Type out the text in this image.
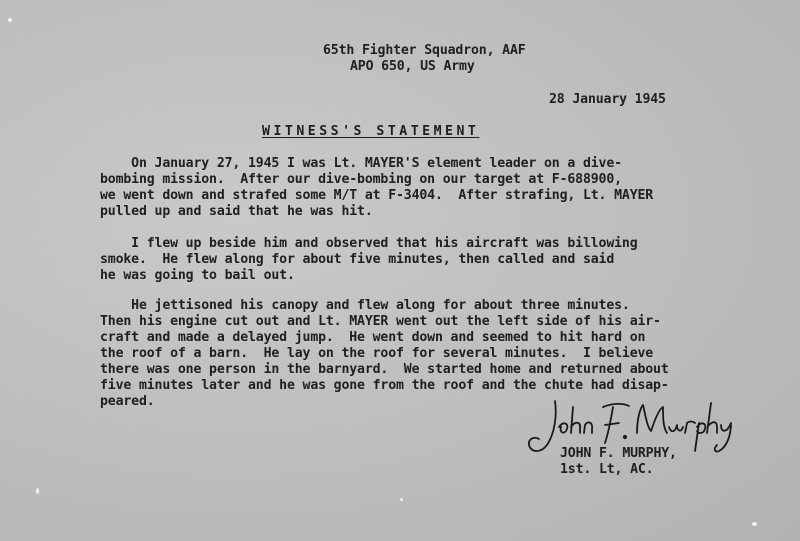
65th Fighter Squadron, AAF
APO 650, US Army
28 January 1945
WITNESS'S STATEMENT
On January 27, 1945 I was Lt. MAYER'S element leader on a dive-
bombing mission.  After our dive-bombing on our target at F-688900,
we went down and strafed some M/T at F-3404.  After strafing, Lt. MAYER
pulled up and said that he was hit.
I flew up beside him and observed that his aircraft was billowing
smoke.  He flew along for about five minutes, then called and said
he was going to bail out.
He jettisoned his canopy and flew along for about three minutes.
Then his engine cut out and Lt. MAYER went out the left side of his air-
craft and made a delayed jump.  He went down and seemed to hit hard on
the roof of a barn.  He lay on the roof for several minutes.  I believe
there was one person in the barnyard.  We started home and returned about
five minutes later and he was gone from the roof and the chute had disap-
peared.
JOHN F. MURPHY,
1st. Lt, AC.
